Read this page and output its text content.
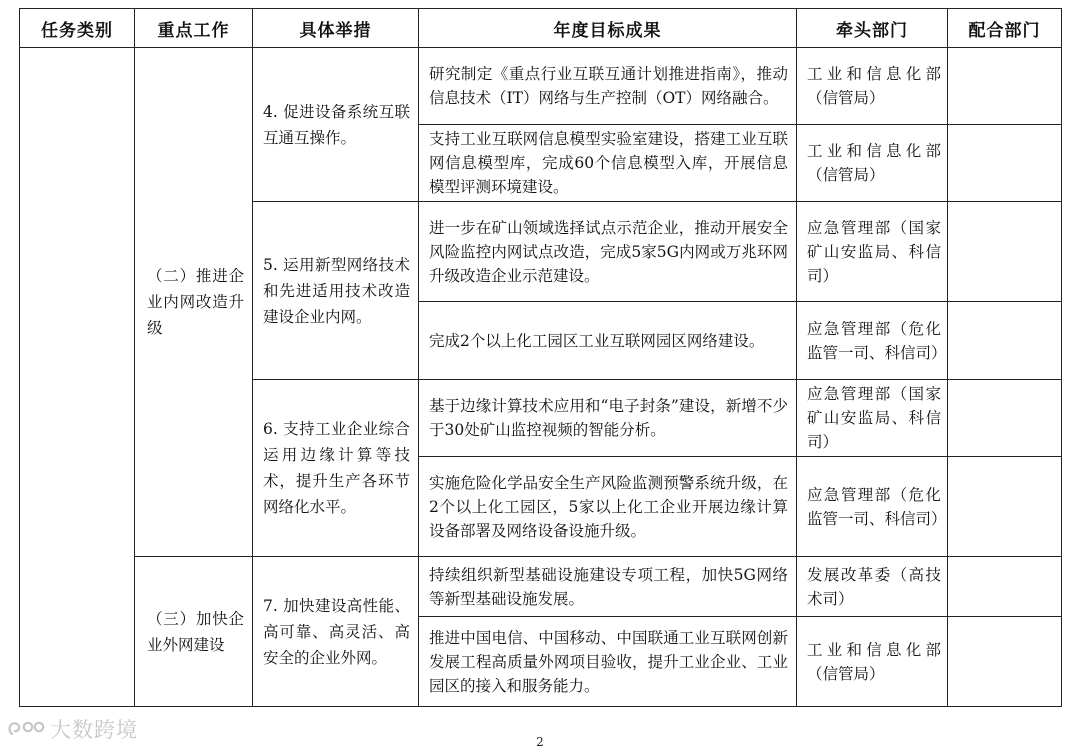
任务类别	重点工作	具体举措	年度目标成果	牵头部门	配合部门
	（二）推进企业内网改造升级	4. 促进设备系统互联互通互操作。	研究制定《重点行业互联互通计划推进指南》，推动信息技术（IT）网络与生产控制（OT）网络融合。	工业和信息化部（信管局）	
			支持工业互联网信息模型实验室建设，搭建工业互联网信息模型库，完成60个信息模型入库，开展信息模型评测环境建设。	工业和信息化部（信管局）	
		5. 运用新型网络技术和先进适用技术改造建设企业内网。	进一步在矿山领域选择试点示范企业，推动开展安全风险监控内网试点改造，完成5家5G内网或万兆环网升级改造企业示范建设。	应急管理部（国家矿山安监局、科信司）	
			完成2个以上化工园区工业互联网园区网络建设。	应急管理部（危化监管一司、科信司）	
		6. 支持工业企业综合运用边缘计算等技术，提升生产各环节网络化水平。	基于边缘计算技术应用和“电子封条”建设，新增不少于30处矿山监控视频的智能分析。	应急管理部（国家矿山安监局、科信司）	
			实施危险化学品安全生产风险监测预警系统升级，在2个以上化工园区，5家以上化工企业开展边缘计算设备部署及网络设备设施升级。	应急管理部（危化监管一司、科信司）	
	（三）加快企业外网建设	7. 加快建设高性能、高可靠、高灵活、高安全的企业外网。	持续组织新型基础设施建设专项工程，加快5G网络等新型基础设施发展。	发展改革委（高技术司）	
			推进中国电信、中国移动、中国联通工业互联网创新发展工程高质量外网项目验收，提升工业企业、工业园区的接入和服务能力。	工业和信息化部（信管局）	
大数跨境	2
